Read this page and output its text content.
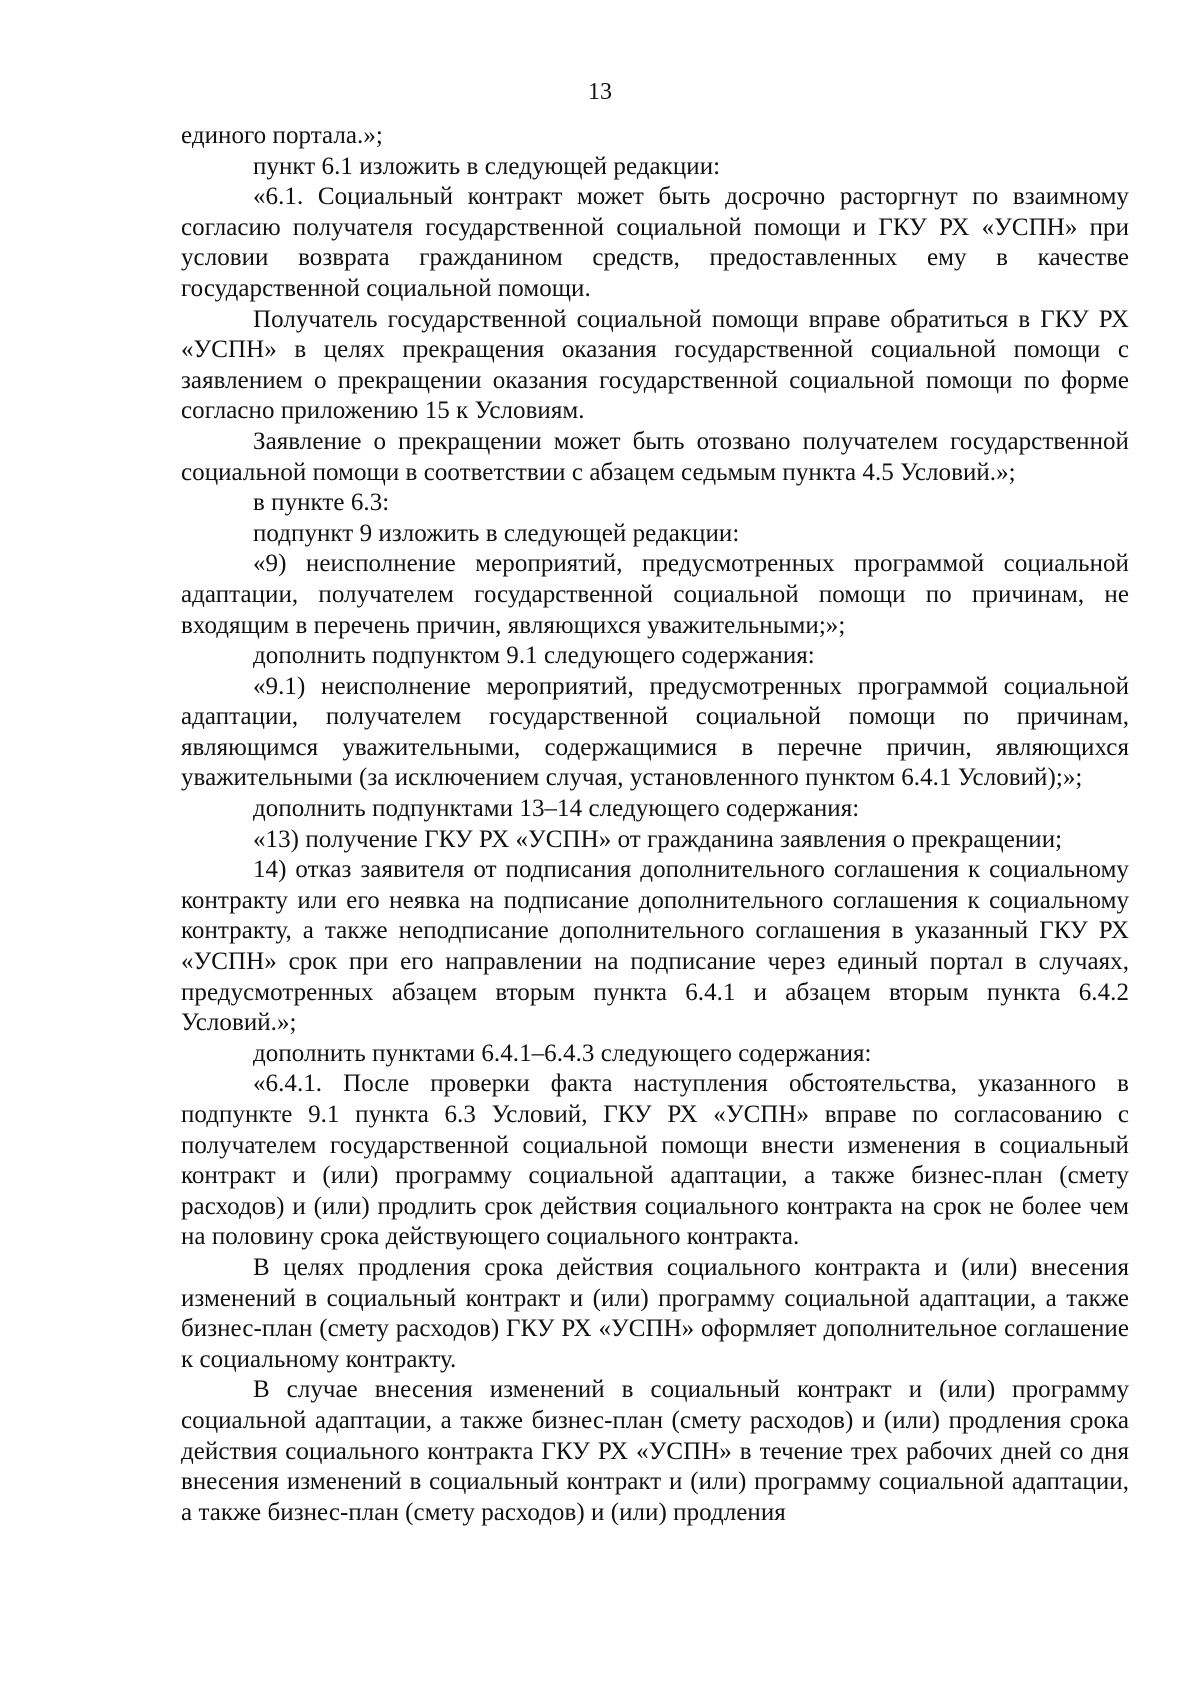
13

единого портала.»;

пункт 6.1 изложить в следующей редакции:

«6.1. Социальный контракт может быть досрочно расторгнут по взаимному согласию получателя государственной социальной помощи и ГКУ РХ «УСПН» при условии возврата гражданином средств, предоставленных ему в качестве государственной социальной помощи.

Получатель государственной социальной помощи вправе обратиться в ГКУ РХ «УСПН» в целях прекращения оказания государственной социальной помощи с заявлением о прекращении оказания государственной социальной помощи по форме согласно приложению 15 к Условиям.

Заявление о прекращении может быть отозвано получателем государственной социальной помощи в соответствии с абзацем седьмым пункта 4.5 Условий.»;

в пункте 6.3:

подпункт 9 изложить в следующей редакции:

«9) неисполнение мероприятий, предусмотренных программой социальной адаптации, получателем государственной социальной помощи по причинам, не входящим в перечень причин, являющихся уважительными;»;

дополнить подпунктом 9.1 следующего содержания:

«9.1) неисполнение мероприятий, предусмотренных программой социальной адаптации, получателем государственной социальной помощи по причинам, являющимся уважительными, содержащимися в перечне причин, являющихся уважительными (за исключением случая, установленного пунктом 6.4.1 Условий);»;

дополнить подпунктами 13–14 следующего содержания:

«13) получение ГКУ РХ «УСПН» от гражданина заявления о прекращении;

14) отказ заявителя от подписания дополнительного соглашения к социальному контракту или его неявка на подписание дополнительного соглашения к социальному контракту, а также неподписание дополнительного соглашения в указанный ГКУ РХ «УСПН» срок при его направлении на подписание через единый портал в случаях, предусмотренных абзацем вторым пункта 6.4.1 и абзацем вторым пункта 6.4.2 Условий.»;

дополнить пунктами 6.4.1–6.4.3 следующего содержания:

«6.4.1. После проверки факта наступления обстоятельства, указанного в подпункте 9.1 пункта 6.3 Условий, ГКУ РХ «УСПН» вправе по согласованию с получателем государственной социальной помощи внести изменения в социальный контракт и (или) программу социальной адаптации, а также бизнес-план (смету расходов) и (или) продлить срок действия социального контракта на срок не более чем на половину срока действующего социального контракта.

В целях продления срока действия социального контракта и (или) внесения изменений в социальный контракт и (или) программу социальной адаптации, а также бизнес-план (смету расходов) ГКУ РХ «УСПН» оформляет дополнительное соглашение к социальному контракту.

В случае внесения изменений в социальный контракт и (или) программу социальной адаптации, а также бизнес-план (смету расходов) и (или) продления срока действия социального контракта ГКУ РХ «УСПН» в течение трех рабочих дней со дня внесения изменений в социальный контракт и (или) программу социальной адаптации, а также бизнес-план (смету расходов) и (или) продления
